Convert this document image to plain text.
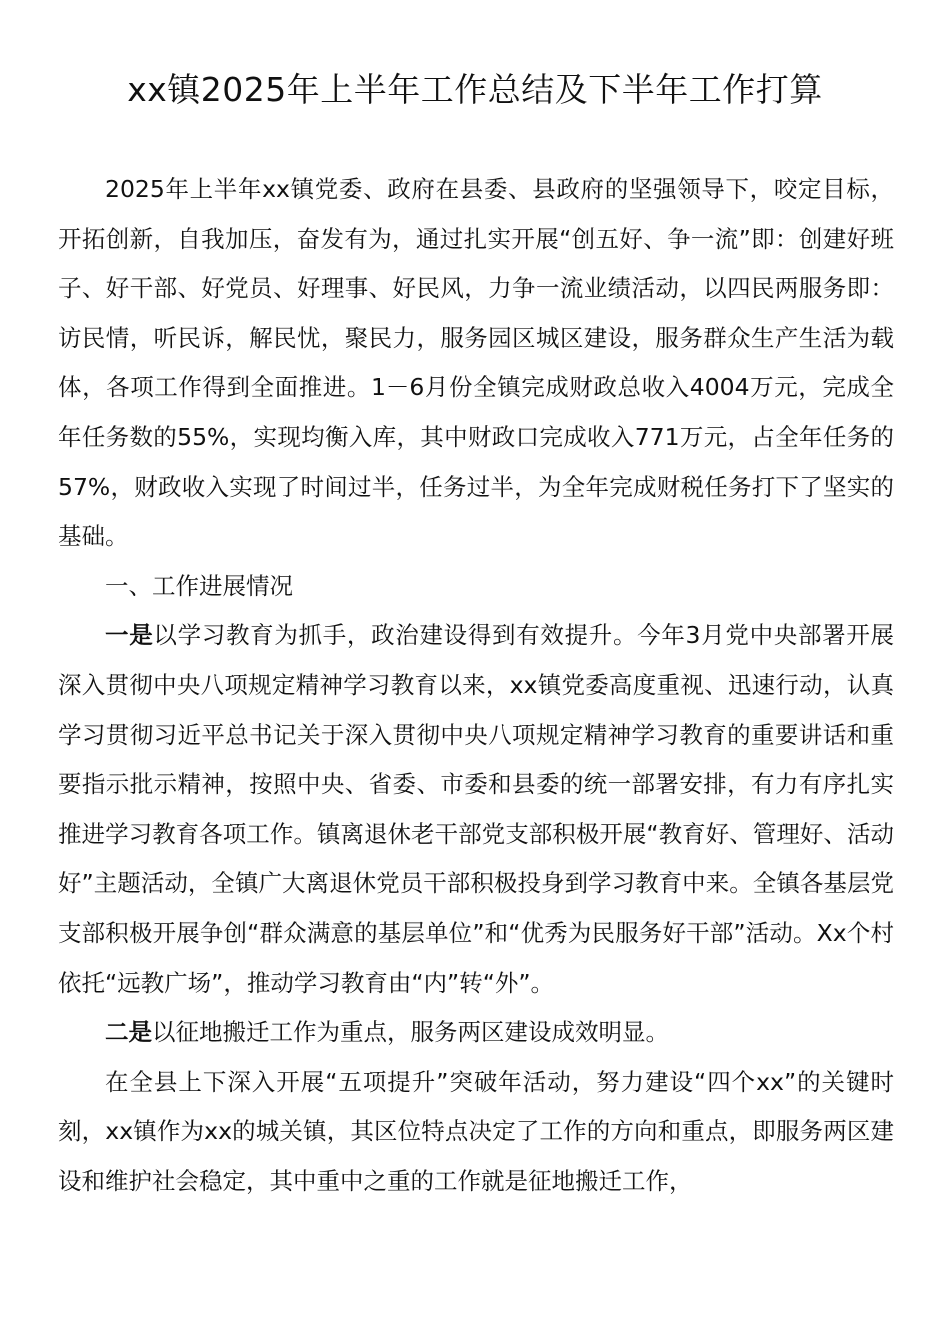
xx镇2025年上半年工作总结及下半年工作打算

2025年上半年xx镇党委、政府在县委、县政府的坚强领导下，咬定目标，开拓创新，自我加压，奋发有为，通过扎实开展“创五好、争一流”即：创建好班子、好干部、好党员、好理事、好民风，力争一流业绩活动，以四民两服务即：访民情，听民诉，解民忧，聚民力，服务园区城区建设，服务群众生产生活为载体，各项工作得到全面推进。1－6月份全镇完成财政总收入4004万元，完成全年任务数的55%，实现均衡入库，其中财政口完成收入771万元，占全年任务的57%，财政收入实现了时间过半，任务过半，为全年完成财税任务打下了坚实的基础。

一、工作进展情况

一是以学习教育为抓手，政治建设得到有效提升。今年3月党中央部署开展深入贯彻中央八项规定精神学习教育以来，xx镇党委高度重视、迅速行动，认真学习贯彻习近平总书记关于深入贯彻中央八项规定精神学习教育的重要讲话和重要指示批示精神，按照中央、省委、市委和县委的统一部署安排，有力有序扎实推进学习教育各项工作。镇离退休老干部党支部积极开展“教育好、管理好、活动好”主题活动，全镇广大离退休党员干部积极投身到学习教育中来。全镇各基层党支部积极开展争创“群众满意的基层单位”和“优秀为民服务好干部”活动。Xx个村依托“远教广场”，推动学习教育由“内”转“外”。

二是以征地搬迁工作为重点，服务两区建设成效明显。

在全县上下深入开展“五项提升”突破年活动，努力建设“四个xx”的关键时刻，xx镇作为xx的城关镇，其区位特点决定了工作的方向和重点，即服务两区建设和维护社会稳定，其中重中之重的工作就是征地搬迁工作，
